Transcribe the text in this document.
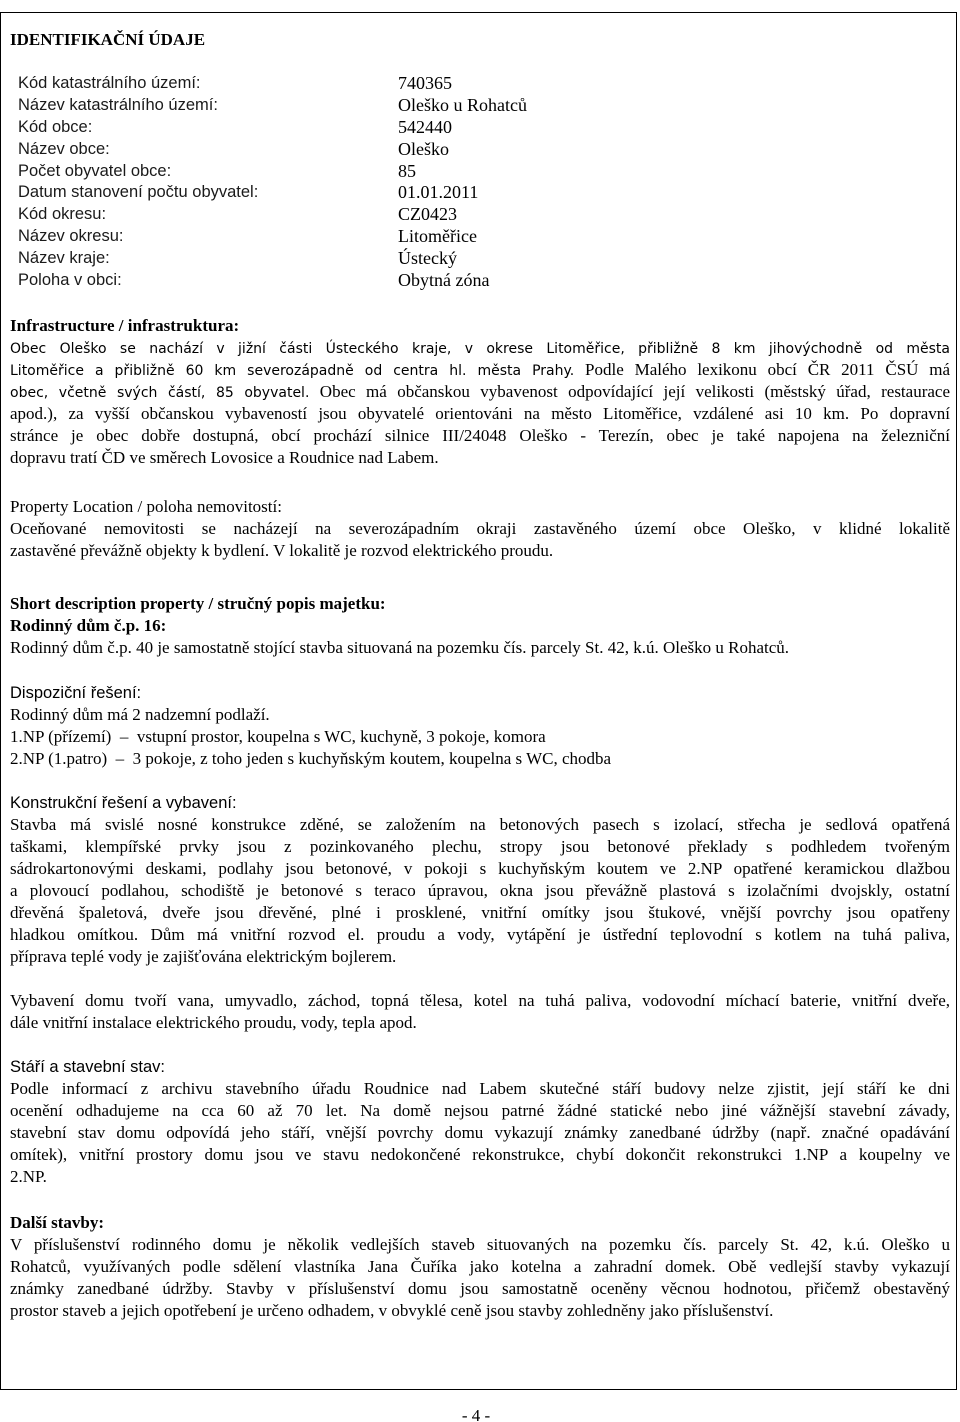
IDENTIFIKAČNÍ ÚDAJE
Kód katastrálního území:	740365
Název katastrálního území:	Oleško u Rohatců
Kód obce:	542440
Název obce:	Oleško
Počet obyvatel obce:	85
Datum stanovení počtu obyvatel:	01.01.2011
Kód okresu:	CZ0423
Název okresu:	Litoměřice
Název kraje:	Ústecký
Poloha v obci:	Obytná zóna
Infrastructure / infrastruktura:
Obec Oleško se nachází v jižní části Ústeckého kraje, v okrese Litoměřice, přibližně 8 km jihovýchodně od města
Litoměřice a přibližně 60 km severozápadně od centra hl. města Prahy. Podle Malého lexikonu obcí ČR 2011 ČSÚ má
obec, včetně svých částí, 85 obyvatel. Obec má občanskou vybavenost odpovídající její velikosti (městský úřad, restaurace
apod.), za vyšší občanskou vybaveností jsou obyvatelé orientováni na město Litoměřice, vzdálené asi 10 km. Po dopravní
stránce je obec dobře dostupná, obcí prochází silnice III/24048 Oleško - Terezín, obec je také napojena na železniční
dopravu tratí ČD ve směrech Lovosice a Roudnice nad Labem.
Property Location / poloha nemovitostí:
Oceňované nemovitosti se nacházejí na severozápadním okraji zastavěného území obce Oleško, v klidné lokalitě
zastavěné převážně objekty k bydlení. V lokalitě je rozvod elektrického proudu.
Short description property / stručný popis majetku:
Rodinný dům č.p. 16:
Rodinný dům č.p. 40 je samostatně stojící stavba situovaná na pozemku čís. parcely St. 42, k.ú. Oleško u Rohatců.
Dispoziční řešení:
Rodinný dům má 2 nadzemní podlaží.
1.NP (přízemí)  –  vstupní prostor, koupelna s WC, kuchyně, 3 pokoje, komora
2.NP (1.patro)  –  3 pokoje, z toho jeden s kuchyňským koutem, koupelna s WC, chodba
Konstrukční řešení a vybavení:
Stavba má svislé nosné konstrukce zděné, se založením na betonových pasech s izolací, střecha je sedlová opatřená
taškami, klempířské prvky jsou z pozinkovaného plechu, stropy jsou betonové překlady s podhledem tvořeným
sádrokartonovými deskami, podlahy jsou betonové, v pokoji s kuchyňským koutem ve 2.NP opatřené keramickou dlažbou
a plovoucí podlahou, schodiště je betonové s teraco úpravou, okna jsou převážně plastová s izolačními dvojskly, ostatní
dřevěná špaletová, dveře jsou dřevěné, plné i prosklené, vnitřní omítky jsou štukové, vnější povrchy jsou opatřeny
hladkou omítkou. Dům má vnitřní rozvod el. proudu a vody, vytápění je ústřední teplovodní s kotlem na tuhá paliva,
příprava teplé vody je zajišťována elektrickým bojlerem.
Vybavení domu tvoří vana, umyvadlo, záchod, topná tělesa, kotel na tuhá paliva, vodovodní míchací baterie, vnitřní dveře,
dále vnitřní instalace elektrického proudu, vody, tepla apod.
Stáří a stavební stav:
Podle informací z archivu stavebního úřadu Roudnice nad Labem skutečné stáří budovy nelze zjistit, její stáří ke dni
ocenění odhadujeme na cca 60 až 70 let. Na domě nejsou patrné žádné statické nebo jiné vážnější stavební závady,
stavební stav domu odpovídá jeho stáří, vnější povrchy domu vykazují známky zanedbané údržby (např. značné opadávání
omítek), vnitřní prostory domu jsou ve stavu nedokončené rekonstrukce, chybí dokončit rekonstrukci 1.NP a koupelny ve
2.NP.
Další stavby:
V příslušenství rodinného domu je několik vedlejších staveb situovaných na pozemku čís. parcely St. 42, k.ú. Oleško u
Rohatců, využívaných podle sdělení vlastníka Jana Čuříka jako kotelna a zahradní domek. Obě vedlejší stavby vykazují
známky zanedbané údržby. Stavby v příslušenství domu jsou samostatně oceněny věcnou hodnotou, přičemž obestavěný
prostor staveb a jejich opotřebení je určeno odhadem, v obvyklé ceně jsou stavby zohledněny jako příslušenství.
- 4 -
